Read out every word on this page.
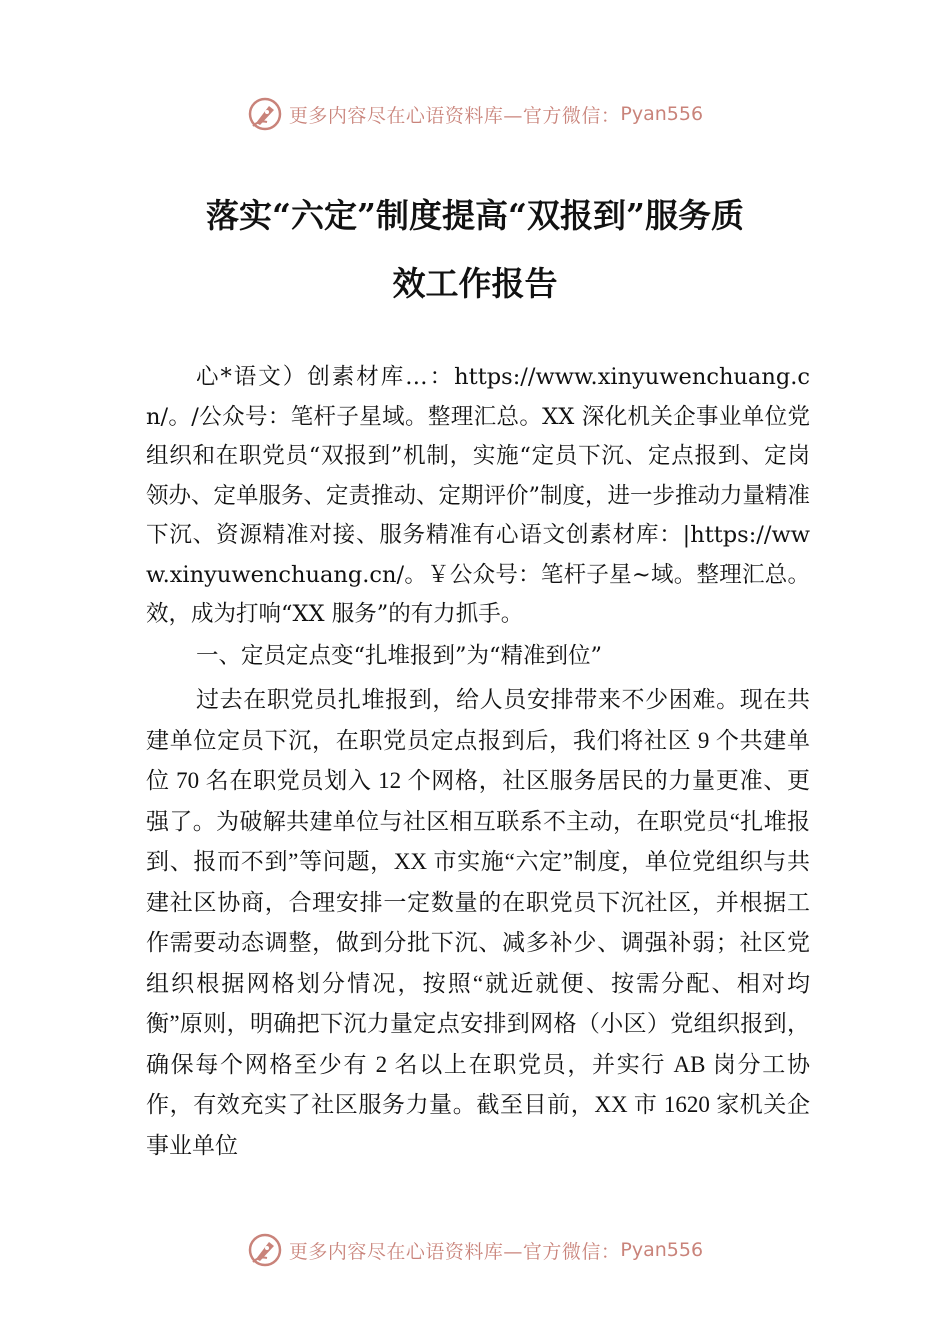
更多内容尽在心语资料库—官方微信： Pyan556
落实“六定”制度提高“双报到”服务质
效工作报告

心*语文）创素材库…：https://www.xinyuwenchuang.cn/。/公众号：笔杆子星域。整理汇总。XX 深化机关企事业单位党组织和在职党员“双报到”机制，实施“定员下沉、定点报到、定岗领办、定单服务、定责推动、定期评价”制度，进一步推动力量精准下沉、资源精准对接、服务精准有心语文创素材库：|https://www.xinyuwenchuang.cn/。￥公众号：笔杆子星~域。整理汇总。效，成为打响“XX 服务”的有力抓手。

一、定员定点变“扎堆报到”为“精准到位”

过去在职党员扎堆报到，给人员安排带来不少困难。现在共建单位定员下沉，在职党员定点报到后，我们将社区 9 个共建单位 70 名在职党员划入 12 个网格，社区服务居民的力量更准、更强了。为破解共建单位与社区相互联系不主动，在职党员“扎堆报到、报而不到”等问题，XX 市实施“六定”制度，单位党组织与共建社区协商，合理安排一定数量的在职党员下沉社区，并根据工作需要动态调整，做到分批下沉、减多补少、调强补弱；社区党组织根据网格划分情况，按照“就近就便、按需分配、相对均衡”原则，明确把下沉力量定点安排到网格（小区）党组织报到，确保每个网格至少有 2 名以上在职党员，并实行 AB 岗分工协作，有效充实了社区服务力量。截至目前，XX 市 1620 家机关企事业单位

更多内容尽在心语资料库—官方微信： Pyan556
